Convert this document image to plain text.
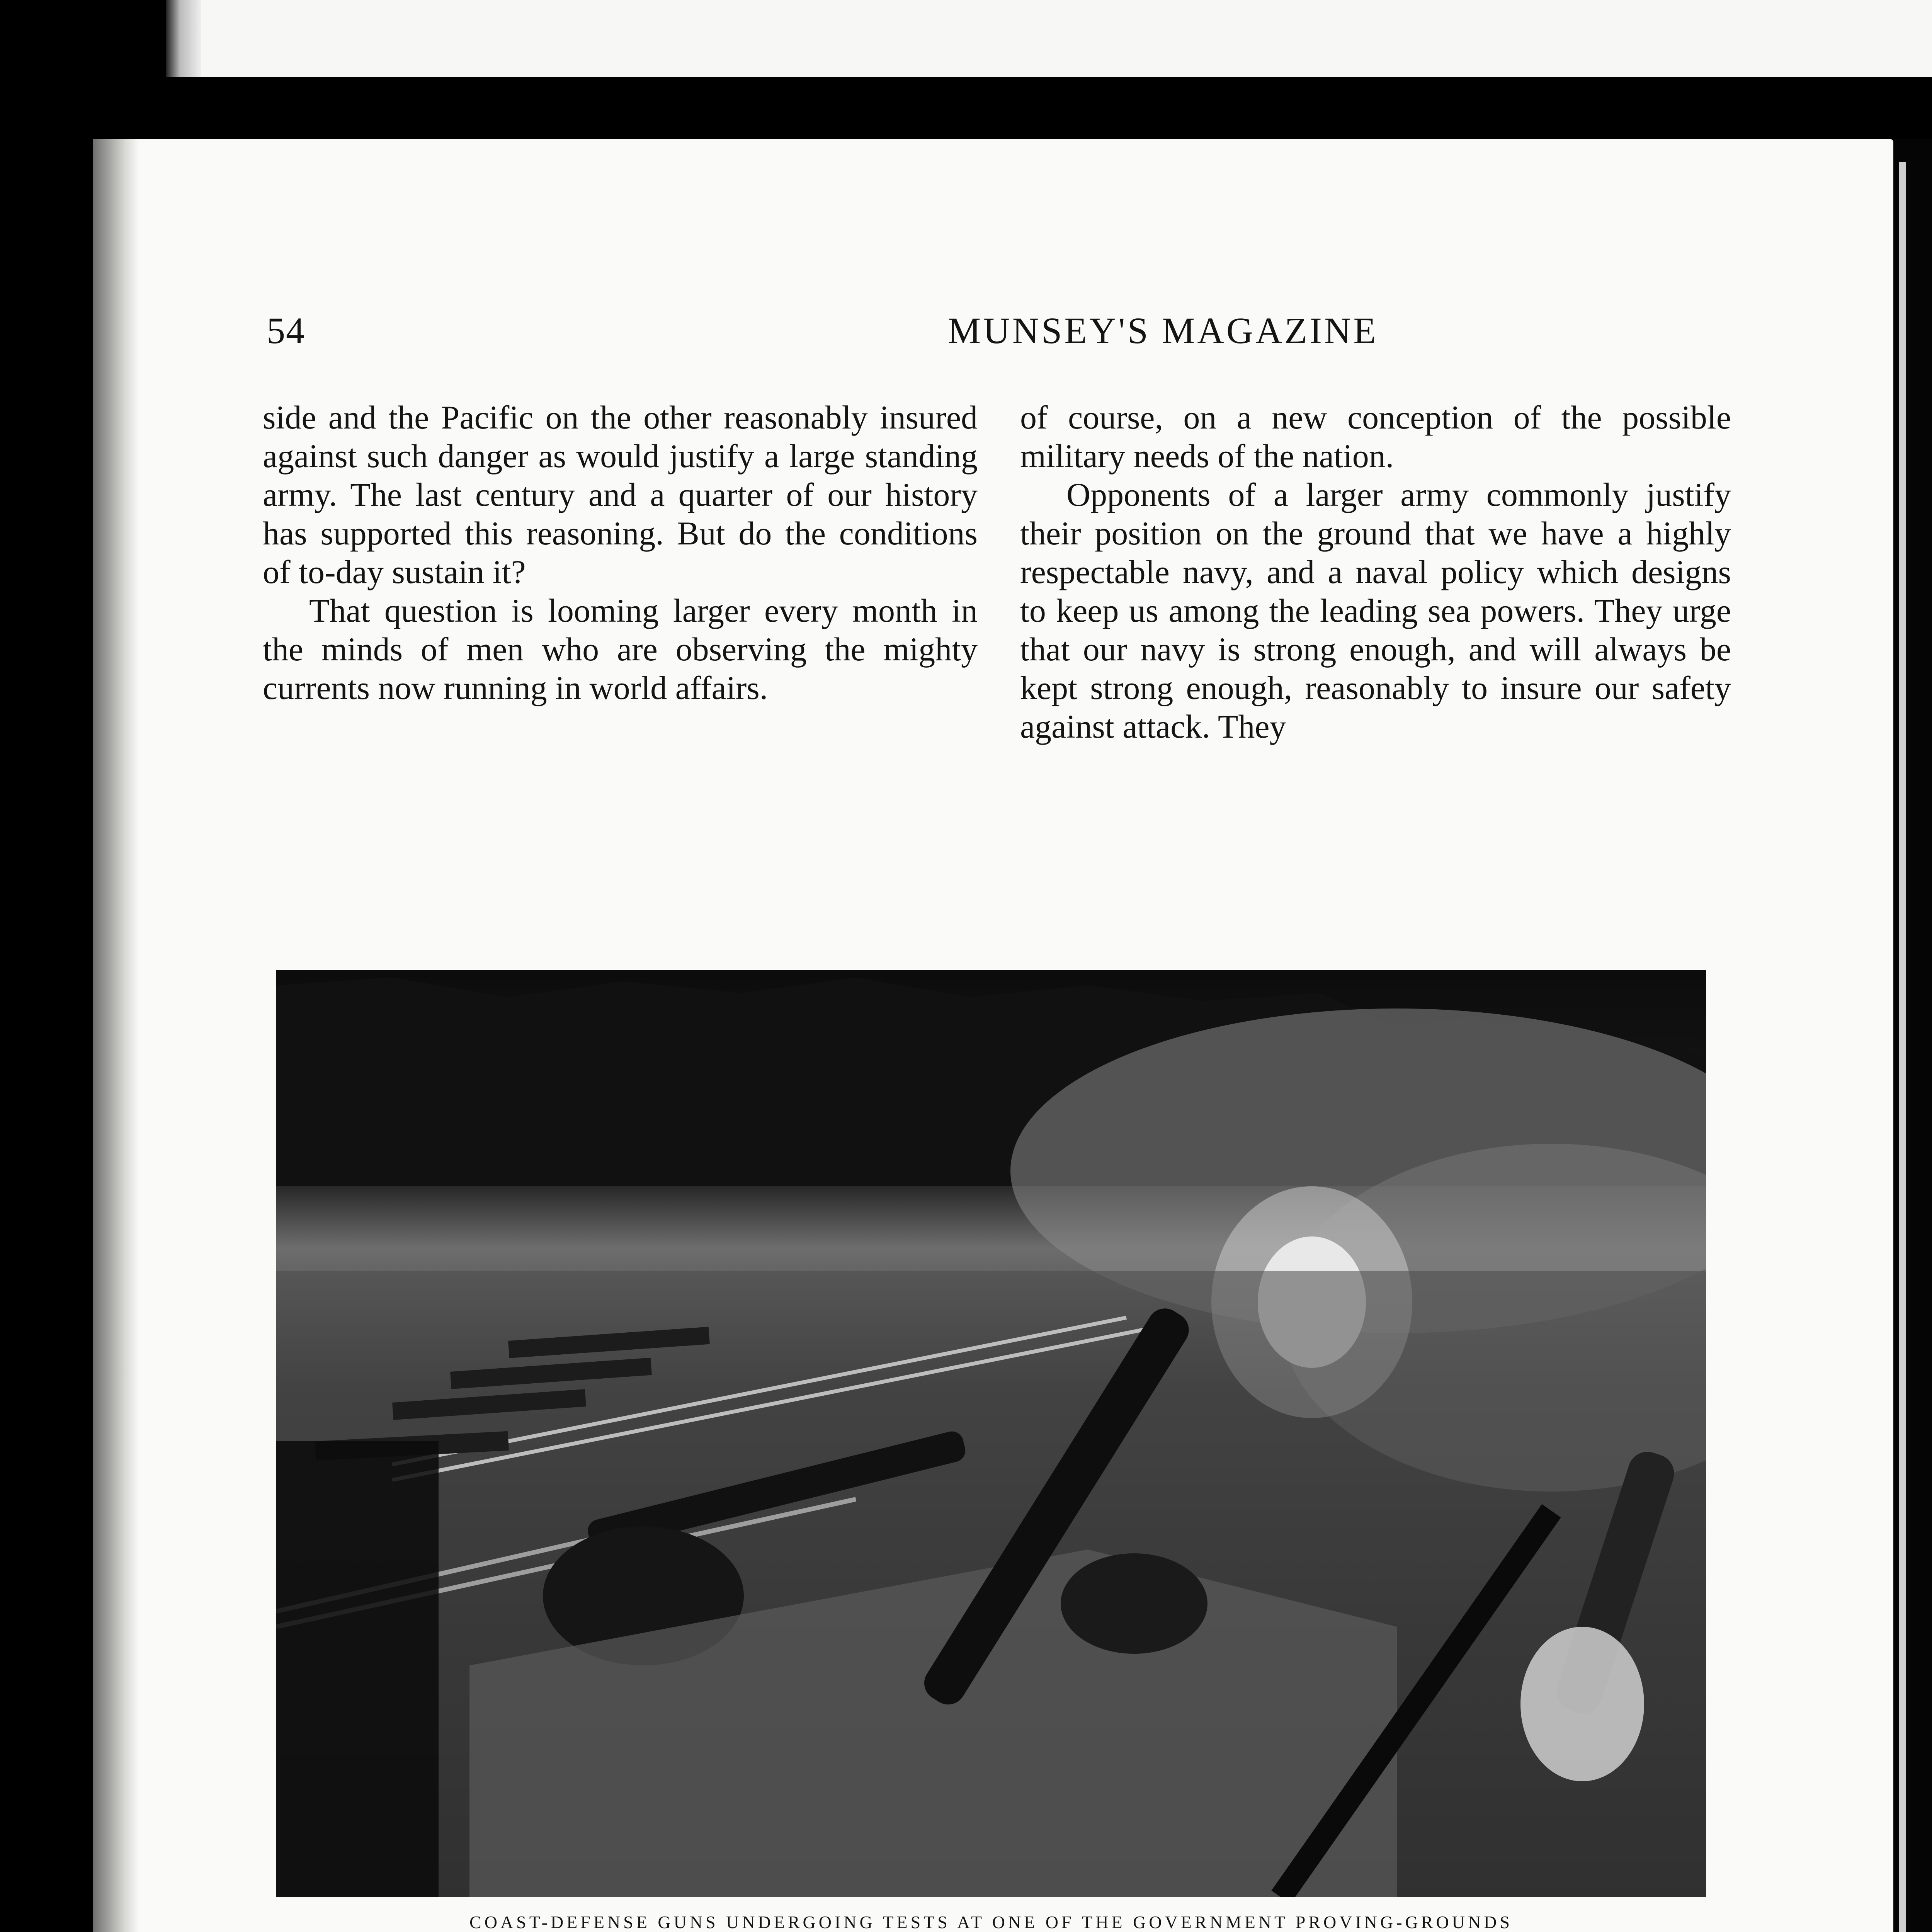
54	MUNSEY'S MAGAZINE

side and the Pacific on the other reasonably insured against such danger as would justify a large standing army. The last century and a quarter of our history has supported this reasoning. But do the conditions of to-day sustain it?

That question is looming larger every month in the minds of men who are observing the mighty currents now running in world affairs.

of course, on a new conception of the possible military needs of the nation.

Opponents of a larger army commonly justify their position on the ground that we have a highly respectable navy, and a naval policy which designs to keep us among the leading sea powers. They urge that our navy is strong enough, and will always be kept strong enough, reasonably to insure our safety against attack. They

COAST-DEFENSE GUNS UNDERGOING TESTS AT ONE OF THE GOVERNMENT PROVING-GROUNDS
